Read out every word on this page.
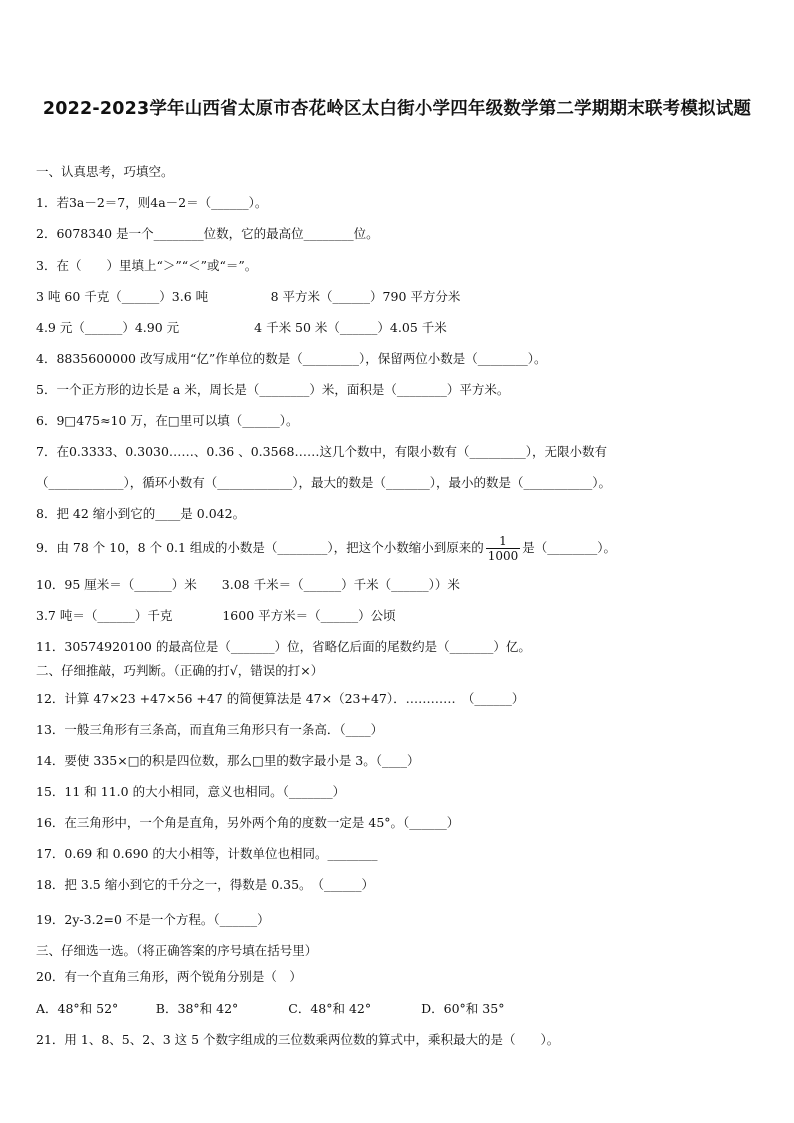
2022-2023学年山西省太原市杏花岭区太白街小学四年级数学第二学期期末联考模拟试题
一、认真思考，巧填空。
1．若3a－2＝7，则4a－2＝（______）。
2．6078340 是一个________位数，它的最高位________位。
3．在（　　）里填上“＞”“＜”或“＝”。
3 吨 60 千克（______）3.6 吨　　　　　8 平方米（______）790 平方分米
4.9 元（______）4.90 元　　　　　　4 千米 50 米（______）4.05 千米
4．8835600000 改写成用“亿”作单位的数是（_________），保留两位小数是（________）。
5．一个正方形的边长是 a 米，周长是（________）米，面积是（________）平方米。
6．9□475≈10 万，在□里可以填（______）。
7．在0.3333、0.3030……、0.36 、0.3568……这几个数中，有限小数有（_________），无限小数有
（____________），循环小数有（____________），最大的数是（_______），最小的数是（___________）。
8．把 42 缩小到它的____是 0.042。
9．由 78 个 10，8 个 0.1 组成的小数是（________），把这个小数缩小到原来的 $\frac{1}{1000}$ 是（________）。
10．95 厘米＝（______）米　　3.08 千米＝（______）千米（______））米
3.7 吨＝（______）千克　　　　1600 平方米＝（______）公顷
11．30574920100 的最高位是（_______）位，省略亿后面的尾数约是（_______）亿。
二、仔细推敲，巧判断。（正确的打√，错误的打×）
12．计算 47×23 +47×56 +47 的简便算法是 47×（23+47）．…………　（______）
13．一般三角形有三条高，而直角三角形只有一条高．（____）
14．要使 335×□的积是四位数，那么□里的数字最小是 3。（____）
15．11 和 11.0 的大小相同，意义也相同。（_______）
16．在三角形中，一个角是直角，另外两个角的度数一定是 45°。（______）
17．0.69 和 0.690 的大小相等，计数单位也相同。________
18．把 3.5 缩小到它的千分之一，得数是 0.35。　（______）
19．2y-3.2=0 不是一个方程。（______）
三、仔细选一选。（将正确答案的序号填在括号里）
20．有一个直角三角形，两个锐角分别是（　）
A．48°和 52°　　　B．38°和 42°　　　　C．48°和 42°　　　　D．60°和 35°
21．用 1、8、5、2、3 这 5 个数字组成的三位数乘两位数的算式中，乘积最大的是（　　）。
